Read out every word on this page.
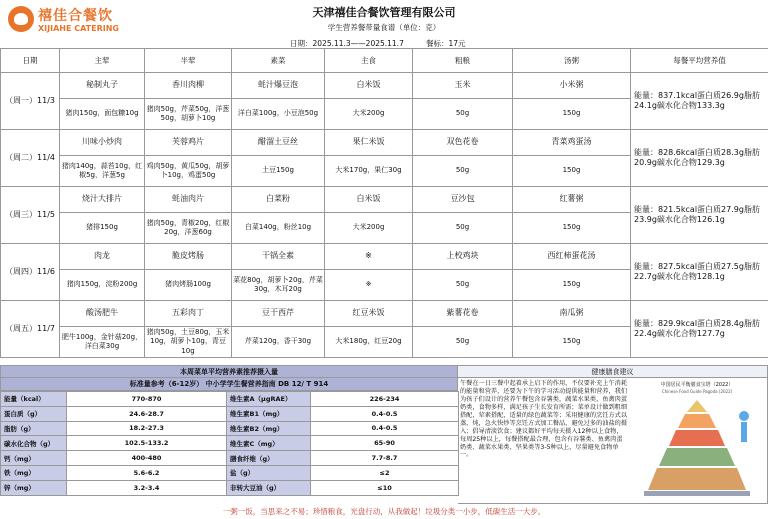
禧佳合餐饮
XIJIAHE CATERING
天津禧佳合餐饮管理有限公司
学生营养餐带量食谱（单位：克）
日期：2025.11.3——2025.11.7	餐标：17元
日期	主荤	半荤	素菜	主食	粗粮	汤粥	每餐平均营养值
（周一）11/3	秘制丸子	香川肉柳	蚝汁爆豆泡	白米饭	玉米	小米粥	能量：837.1kcal蛋白质26.9g脂肪24.1g碳水化合物133.3g
	猪肉150g，面包糠10g	猪肉50g，芹菜50g，洋葱50g，胡萝卜10g	洋白菜100g，小豆泡50g	大米200g	50g	150g	
（周二）11/4	川味小炒肉	芙蓉鸡片	醋溜土豆丝	果仁米饭	双色花卷	青菜鸡蛋汤	能量：828.6kcal蛋白质28.3g脂肪20.9g碳水化合物129.3g
	猪肉140g，蒜苔10g，红椒5g，洋葱5g	鸡肉50g，黄瓜50g，胡萝卜10g，鸡蛋50g	土豆150g	大米170g，果仁30g	50g	150g	
（周三）11/5	烧汁大排片	蚝油肉片	白菜粉	白米饭	豆沙包	红薯粥	能量：821.5kcal蛋白质27.9g脂肪23.9g碳水化合物126.1g
	猪排150g	猪肉50g，青椒20g，红椒20g，洋葱60g	白菜140g，粉丝10g	大米200g	50g	150g	
（周四）11/6	肉龙	脆皮烤肠	干锅全素	※	上校鸡块	西红柿蛋花汤	能量：827.5kcal蛋白质27.5g脂肪22.7g碳水化合物128.1g
	猪肉150g，淀粉200g	猪肉烤肠100g	菜花80g，胡萝卜20g，芹菜30g，木耳20g	※	50g	150g	
（周五）11/7	酸汤肥牛	五彩肉丁	豆干西芹	红豆米饭	紫薯花卷	南瓜粥	能量：829.9kcal蛋白质28.4g脂肪22.4g碳水化合物127.7g
	肥牛100g，金针菇20g，洋白菜30g	猪肉50g，土豆80g，玉米10g，胡萝卜10g，青豆10g	芹菜120g，香干30g	大米180g，红豆20g	50g	150g	
本周菜单平均营养素推荐摄入量
标准量参考（6-12岁） 中小学学生餐营养指南 DB 12/ T 914
能量（kcal）	770-870	维生素A（μgRAE）	226-234
蛋白质（g）	24.6-28.7	维生素B1（mg）	0.4-0.5
脂肪（g）	18.2-27.3	维生素B2（mg）	0.4-0.5
碳水化合物（g）	102.5-133.2	维生素C（mg）	65-90
钙（mg）	400-480	膳食纤维（g）	7.7-8.7
铁（mg）	5.6-6.2	盐（g）	≤2
锌（mg）	3.2-3.4	非转大豆油（g）	≤10
健康膳食建议
午餐在一日三餐中起着承上启下的作用，不仅要补充上午消耗的能量和营养，还要为下午的学习活动提供能量和营养，我们为孩子们设计的营养午餐包含谷薯类，蔬菜水果类，鱼禽肉蛋奶类，食物多样，满足孩子生长发育所需；菜单设计做到粗细搭配，荤素搭配，适量的绿色蔬菜等；采用健康的烹饪方式以蒸，炖，急火快炒等烹饪方式加工餐品，避免过多的油盐的摄入；倡导清淡饮食；建议都好平均每天摄入12种以上食物，每周25种以上，每餐搭配最合理，包含有谷薯类、鱼禽肉蛋奶类、蔬菜水果类、坚果类等3-5种以上，尽量避免食物单一。
中国居民平衡膳食宝塔（2022）
Chinese Food Guide Pagoda (2022)
一粥一饭，当思来之不易；珍惜粮食，光盘行动，从我做起！垃圾分类一小步，低碳生活一大步。
